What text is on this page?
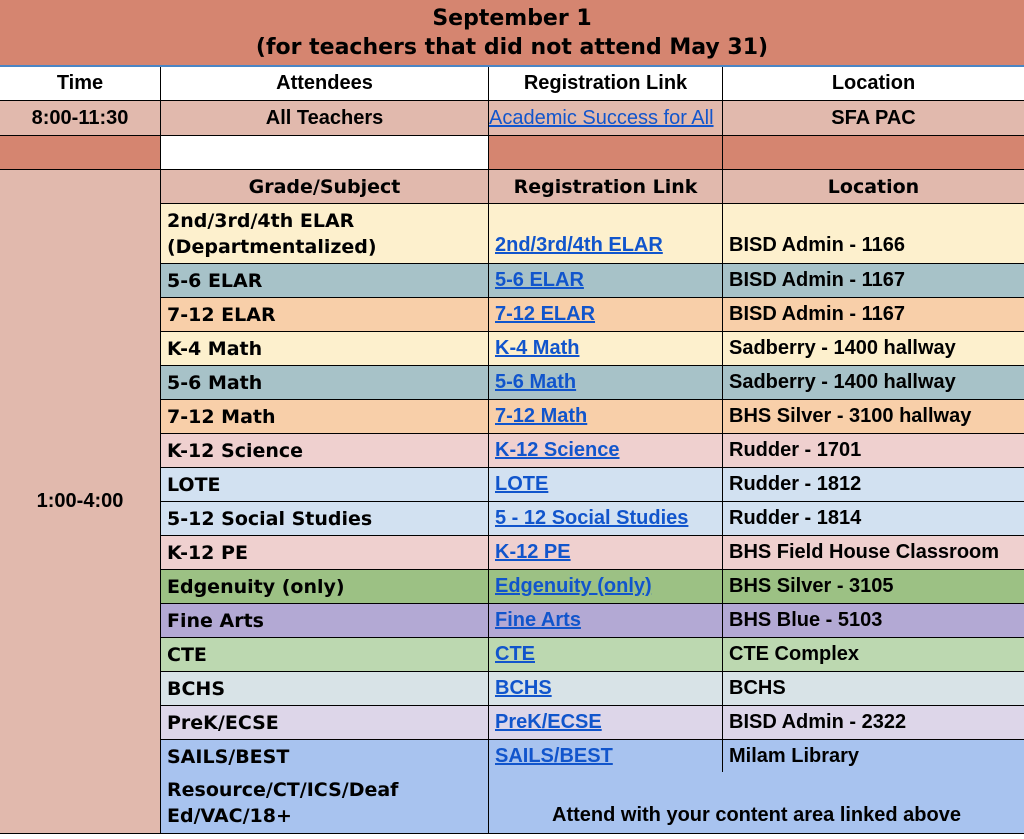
September 1
(for teachers that did not attend May 31)
Time	Attendees	Registration Link	Location
8:00-11:30	All Teachers	Academic Success for All	SFA PAC
1:00-4:00
Grade/Subject	Registration Link	Location
2nd/3rd/4th ELAR
(Departmentalized)	2nd/3rd/4th ELAR	BISD Admin - 1166
5-6 ELAR	5-6 ELAR	BISD Admin - 1167
7-12 ELAR	7-12 ELAR	BISD Admin - 1167
K-4 Math	K-4 Math	Sadberry - 1400 hallway
5-6 Math	5-6 Math	Sadberry - 1400 hallway
7-12 Math	7-12 Math	BHS Silver - 3100 hallway
K-12 Science	K-12 Science	Rudder - 1701
LOTE	LOTE	Rudder - 1812
5-12 Social Studies	5 - 12 Social Studies	Rudder - 1814
K-12 PE	K-12 PE	BHS Field House Classroom
Edgenuity (only)	Edgenuity (only)	BHS Silver - 3105
Fine Arts	Fine Arts	BHS Blue - 5103
CTE	CTE	CTE Complex
BCHS	BCHS	BCHS
PreK/ECSE	PreK/ECSE	BISD Admin - 2322
SAILS/BEST	SAILS/BEST	Milam Library
Resource/CT/ICS/Deaf
Ed/VAC/18+	Attend with your content area linked above
